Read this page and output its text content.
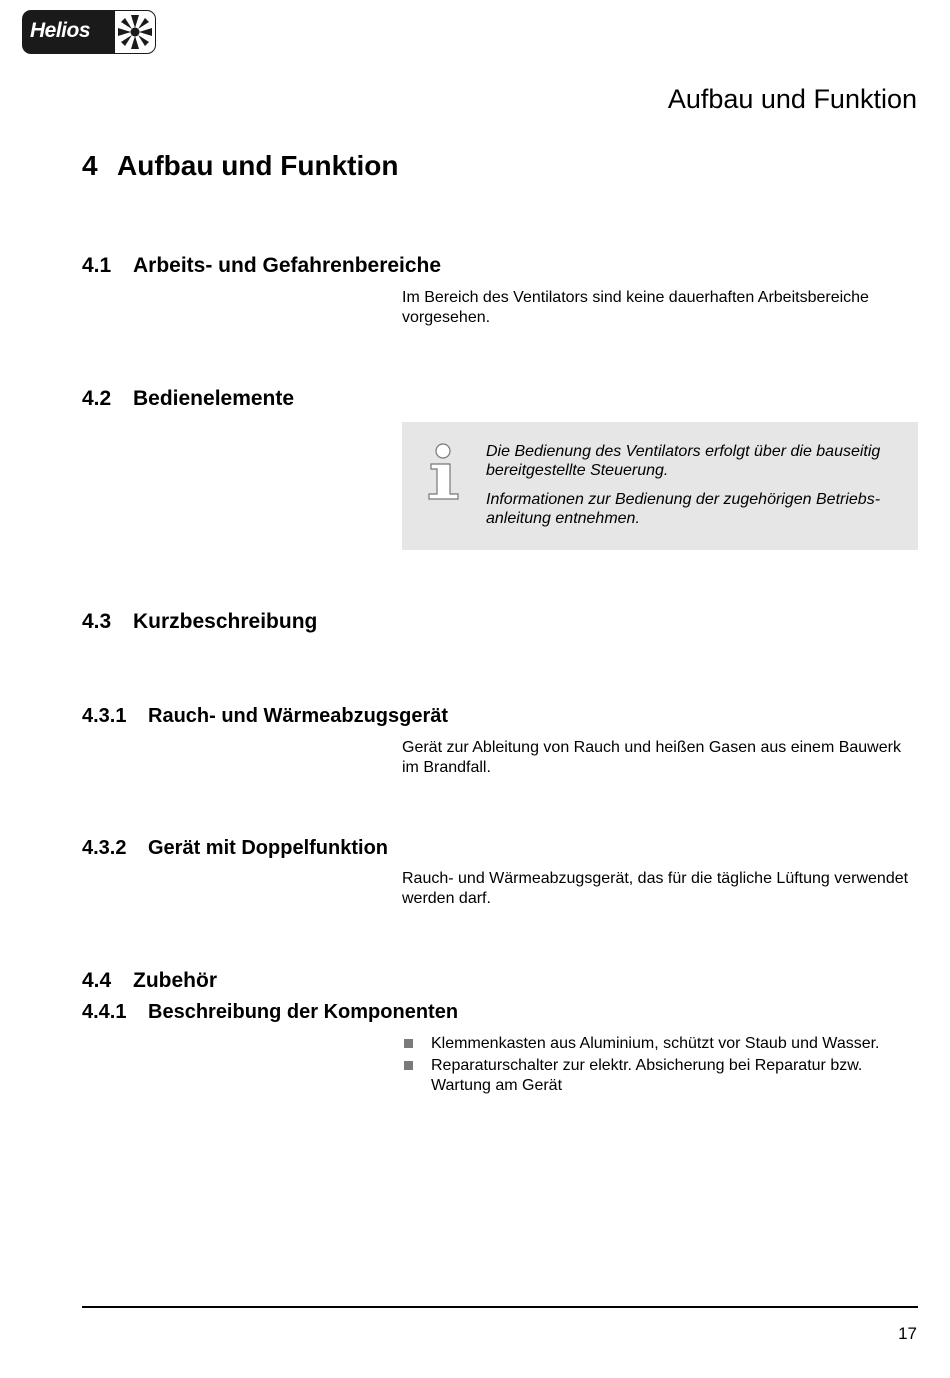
Helios
Aufbau und Funktion
4 Aufbau und Funktion
4.1 Arbeits- und Gefahrenbereiche
Im Bereich des Ventilators sind keine dauerhaften Arbeitsbereiche vorgesehen.
4.2 Bedienelemente

Die Bedienung des Ventilators erfolgt über die bauseitig bereitgestellte Steuerung.

Informationen zur Bedienung der zugehörigen Betriebs-anleitung entnehmen.

4.3 Kurzbeschreibung
4.3.1 Rauch- und Wärmeabzugsgerät
Gerät zur Ableitung von Rauch und heißen Gasen aus einem Bauwerk im Brandfall.
4.3.2 Gerät mit Doppelfunktion
Rauch- und Wärmeabzugsgerät, das für die tägliche Lüftung verwendet werden darf.
4.4 Zubehör
4.4.1 Beschreibung der Komponenten
Klemmenkasten aus Aluminium, schützt vor Staub und Wasser.
Reparaturschalter zur elektr. Absicherung bei Reparatur bzw. Wartung am Gerät
17
